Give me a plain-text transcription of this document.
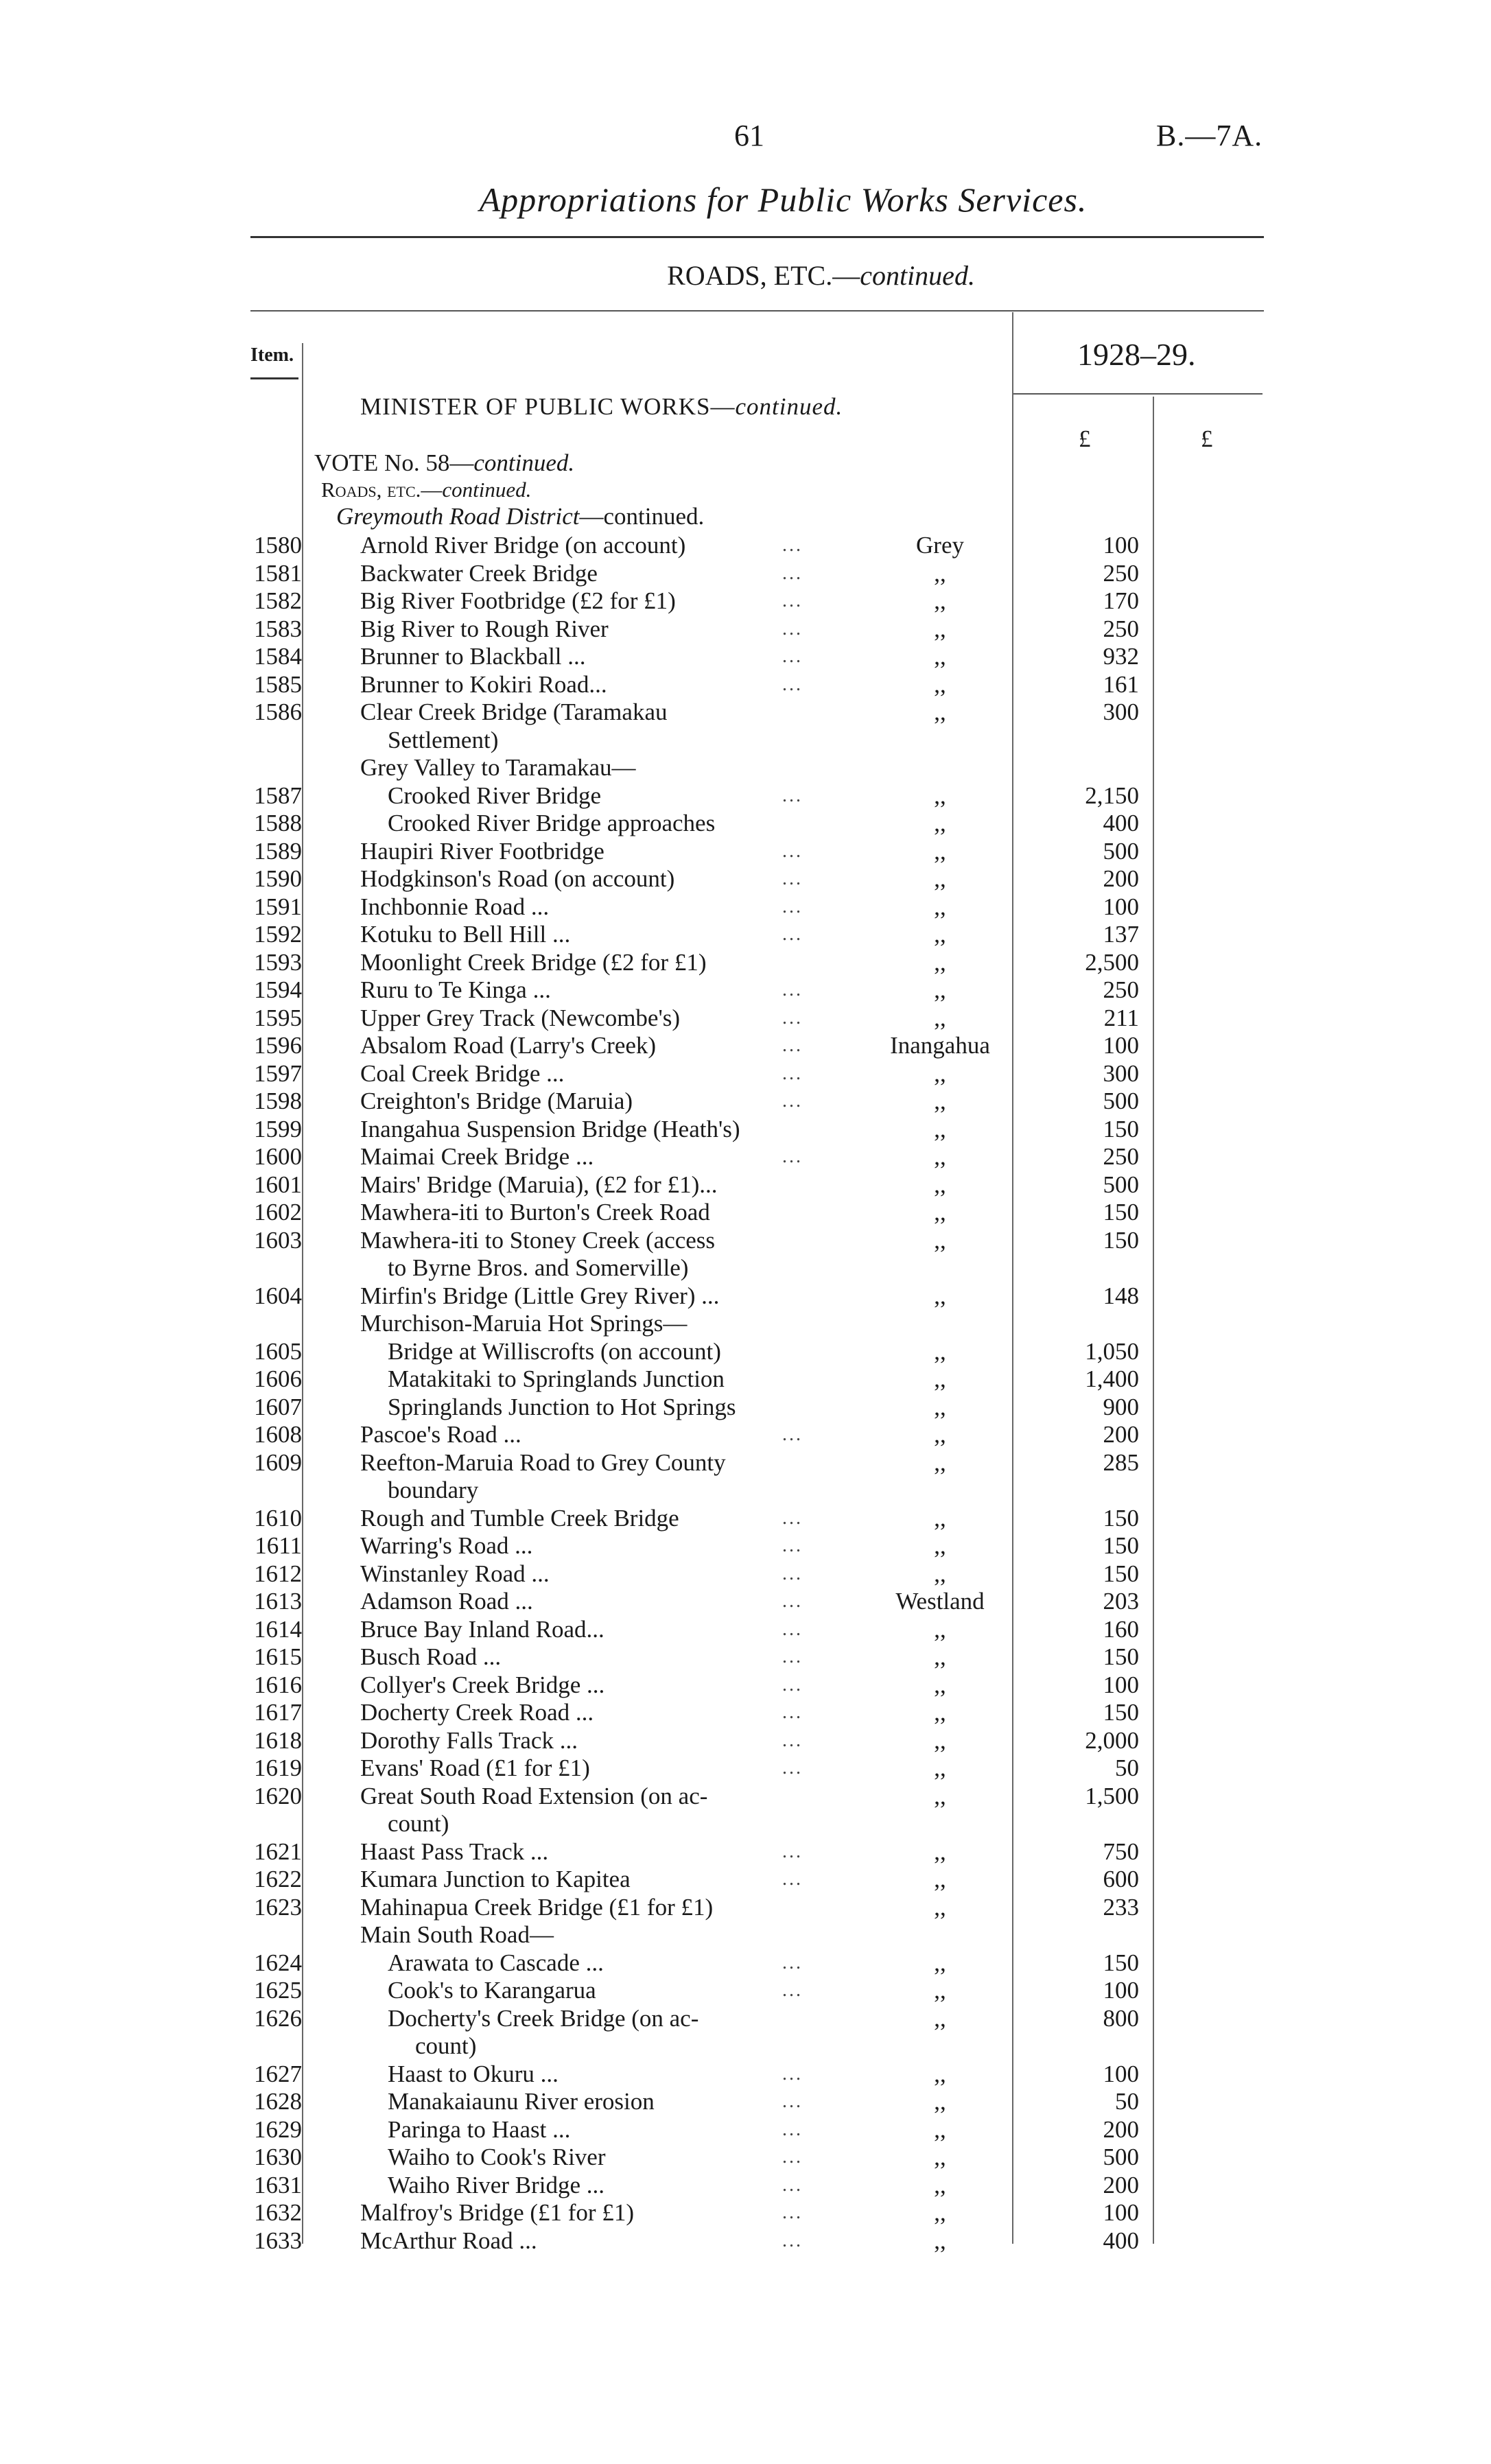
61	B.—7A.
Appropriations for Public Works Services.
ROADS, ETC.—continued.
Item.	1928–29.
MINISTER OF PUBLIC WORKS—continued.
£	£
VOTE No. 58—continued.
Roads, etc.—continued.
Greymouth Road District—continued.
1580 Arnold River Bridge (on account)	...	Grey	100
1581 Backwater Creek Bridge	...	,,	250
1582 Big River Footbridge (£2 for £1)	...	,,	170
1583 Big River to Rough River	...	,,	250
1584 Brunner to Blackball ...	...	,,	932
1585 Brunner to Kokiri Road...	...	,,	161
1586 Clear Creek Bridge (Taramakau
Settlement)
,,	300
Grey Valley to Taramakau—
1587	Crooked River Bridge	...	,,	2,150
1588	Crooked River Bridge approaches	,,	400
1589 Haupiri River Footbridge	...	,,	500
1590 Hodgkinson's Road (on account)	...	,,	200
1591 Inchbonnie Road ...	...	,,	100
1592 Kotuku to Bell Hill ...	...	,,	137
1593 Moonlight Creek Bridge (£2 for £1)	,,	2,500
1594 Ruru to Te Kinga ...	...	,,	250
1595 Upper Grey Track (Newcombe's)	...	,,	211
1596 Absalom Road (Larry's Creek)	...	Inangahua	100
1597 Coal Creek Bridge ...	...	,,	300
1598 Creighton's Bridge (Maruia)	...	,,	500
1599 Inangahua Suspension Bridge (Heath's)	,,	150
1600 Maimai Creek Bridge ...	...	,,	250
1601 Mairs' Bridge (Maruia), (£2 for £1)...	,,	500
1602 Mawhera-iti to Burton's Creek Road	,,	150
1603 Mawhera-iti to Stoney Creek (access
to Byrne Bros. and Somerville)
,,	150
1604 Mirfin's Bridge (Little Grey River) ...	,,	148
Murchison-Maruia Hot Springs—
1605	Bridge at Williscrofts (on account)	,,	1,050
1606	Matakitaki to Springlands Junction	,,	1,400
1607	Springlands Junction to Hot Springs	,,	900
1608 Pascoe's Road ...	...	,,	200
1609 Reefton-Maruia Road to Grey County
boundary
,,	285
1610 Rough and Tumble Creek Bridge	...	,,	150
1611 Warring's Road ...	...	,,	150
1612 Winstanley Road ...	...	,,	150
1613 Adamson Road ...	...	Westland	203
1614 Bruce Bay Inland Road...	...	,,	160
1615 Busch Road ...	...	,,	150
1616 Collyer's Creek Bridge ...	...	,,	100
1617 Docherty Creek Road ...	...	,,	150
1618 Dorothy Falls Track ...	...	,,	2,000
1619 Evans' Road (£1 for £1)	...	,,	50
1620 Great South Road Extension (on ac-
count)
,,	1,500
1621 Haast Pass Track ...	...	,,	750
1622 Kumara Junction to Kapitea	...	,,	600
1623 Mahinapua Creek Bridge (£1 for £1)	,,	233
Main South Road—
1624	Arawata to Cascade ...	...	,,	150
1625	Cook's to Karangarua	...	,,	100
1626	Docherty's Creek Bridge (on ac-
count)
,,	800
1627	Haast to Okuru ...	...	,,	100
1628	Manakaiaunu River erosion	...	,,	50
1629	Paringa to Haast ...	...	,,	200
1630	Waiho to Cook's River	...	,,	500
1631	Waiho River Bridge ...	...	,,	200
1632 Malfroy's Bridge (£1 for £1)	...	,,	100
1633 McArthur Road ...	...	,,	400
